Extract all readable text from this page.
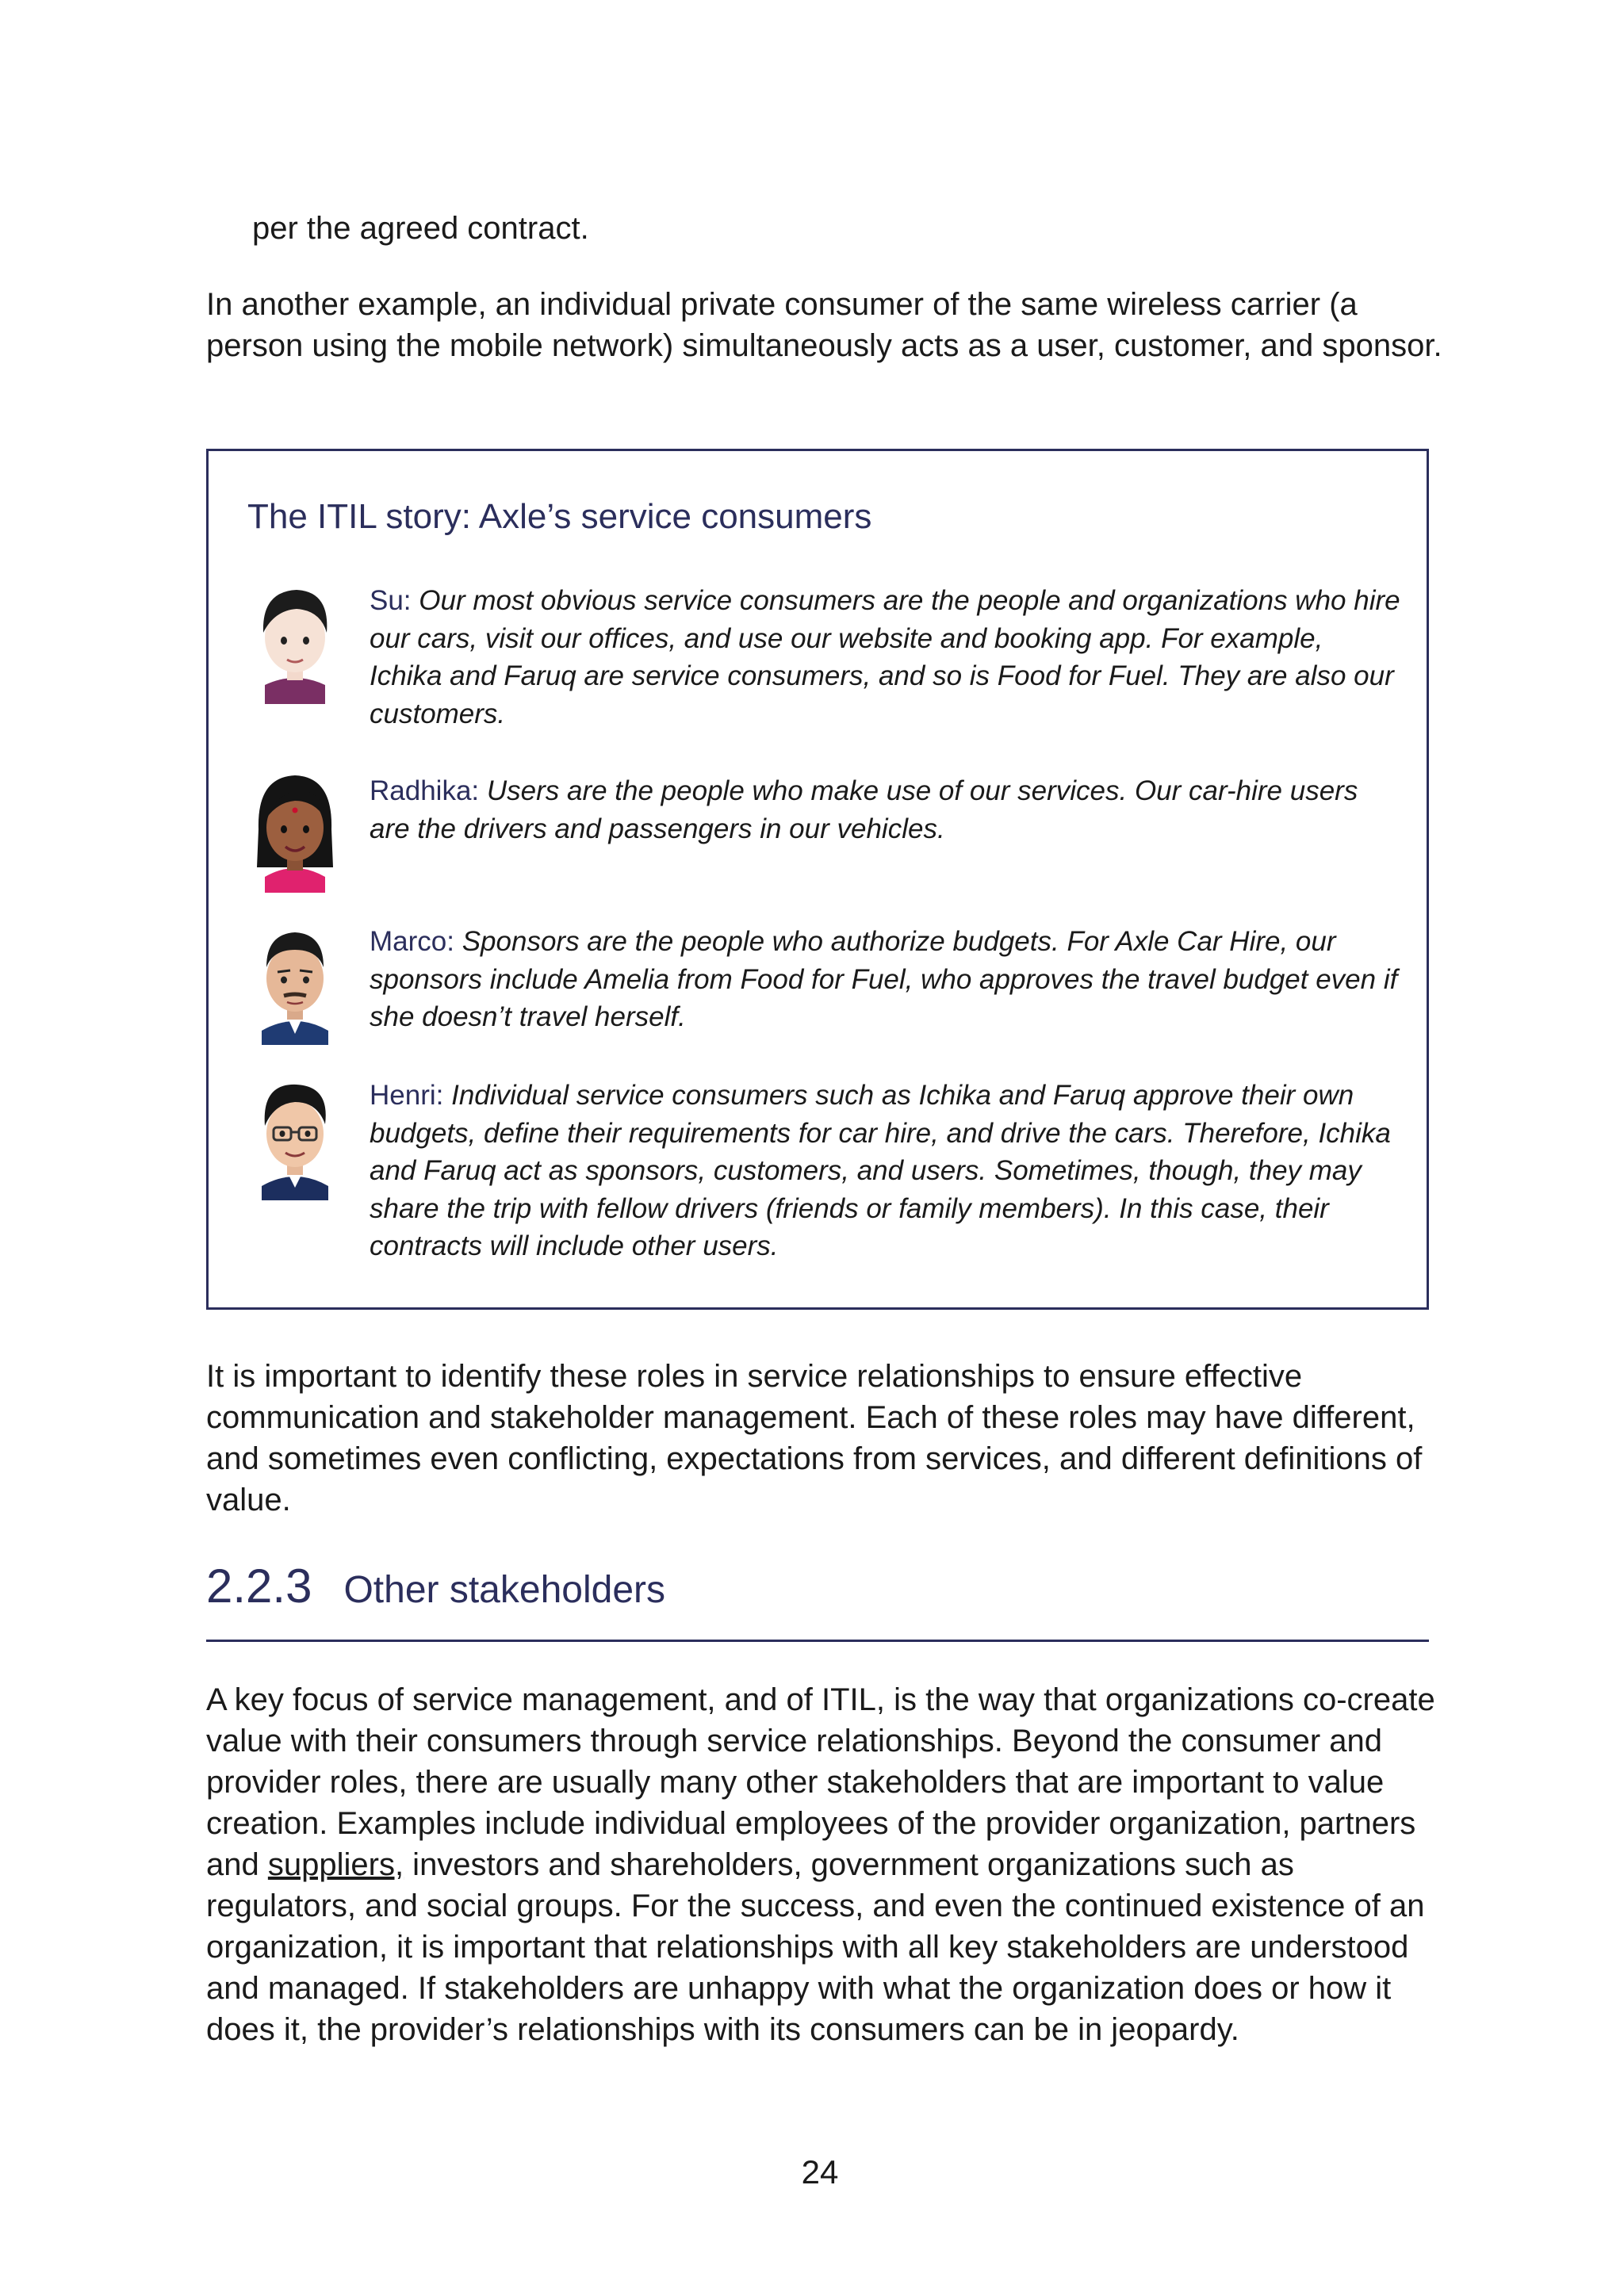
per the agreed contract.
In another example, an individual private consumer of the same wireless carrier (a person using the mobile network) simultaneously acts as a user, customer, and sponsor.
The ITIL story: Axle’s service consumers
Su: Our most obvious service consumers are the people and organizations who hire our cars, visit our offices, and use our website and booking app. For example, Ichika and Faruq are service consumers, and so is Food for Fuel. They are also our customers.
Radhika: Users are the people who make use of our services. Our car-hire users are the drivers and passengers in our vehicles.
Marco: Sponsors are the people who authorize budgets. For Axle Car Hire, our sponsors include Amelia from Food for Fuel, who approves the travel budget even if she doesn’t travel herself.
Henri: Individual service consumers such as Ichika and Faruq approve their own budgets, define their requirements for car hire, and drive the cars. Therefore, Ichika and Faruq act as sponsors, customers, and users. Sometimes, though, they may share the trip with fellow drivers (friends or family members). In this case, their contracts will include other users.
It is important to identify these roles in service relationships to ensure effective communication and stakeholder management. Each of these roles may have different, and sometimes even conflicting, expectations from services, and different definitions of value.
2.2.3 Other stakeholders
A key focus of service management, and of ITIL, is the way that organizations co-create value with their consumers through service relationships. Beyond the consumer and provider roles, there are usually many other stakeholders that are important to value creation. Examples include individual employees of the provider organization, partners and suppliers, investors and shareholders, government organizations such as regulators, and social groups. For the success, and even the continued existence of an organization, it is important that relationships with all key stakeholders are understood and managed. If stakeholders are unhappy with what the organization does or how it does it, the provider’s relationships with its consumers can be in jeopardy.
24
